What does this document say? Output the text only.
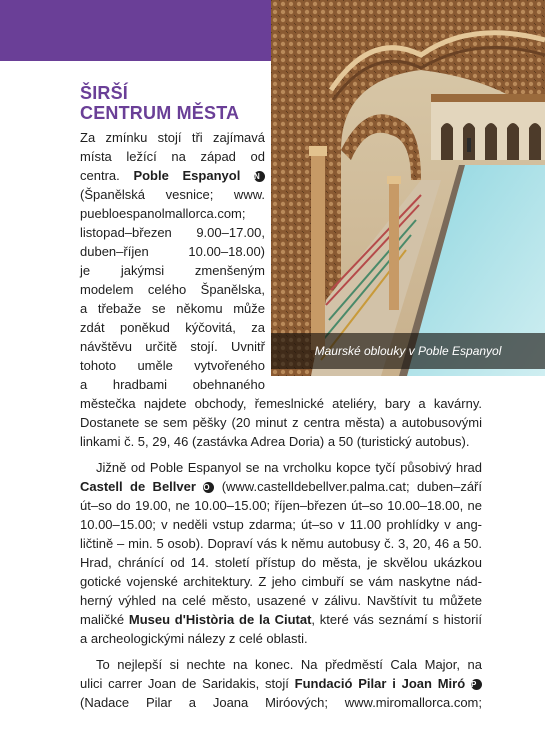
Maurské oblouky v Poble Espanyol
ŠIRŠÍ
CENTRUM MĚSTA
Za zmínku stojí tři zajímavá
místa ležící na západ od
centra. Poble Espanyol N
(Španělská vesnice; www.
puebloespanolmallorca.com;
listopad–březen 9.00–17.00,
duben–říjen 10.00–18.00)
je jakýmsi zmenšeným
modelem celého Španělska,
a třebaže se někomu může
zdát poněkud kýčovitá, za
návštěvu určitě stojí. Uvnitř
tohoto uměle vytvořeného
a hradbami obehnaného
městečka najdete obchody, řemeslnické ateliéry, bary a kavárny.
Dostanete se sem pěšky (20 minut z centra města) a autobusovými
linkami č. 5, 29, 46 (zastávka Adrea Doria) a 50 (turistický autobus).
Jižně od Poble Espanyol se na vrcholku kopce tyčí působivý hrad
Castell de Bellver O (www.castelldebellver.palma.cat; duben–září
út–so do 19.00, ne 10.00–15.00; říjen–březen út–so 10.00–18.00, ne
10.00–15.00; v neděli vstup zdarma; út–so v 11.00 prohlídky v ang-
ličtině – min. 5 osob). Dopraví vás k němu autobusy č. 3, 20, 46 a 50.
Hrad, chránící od 14. století přístup do města, je skvělou ukázkou
gotické vojenské architektury. Z jeho cimbuří se vám naskytne nád-
herný výhled na celé město, usazené v zálivu. Navštívit tu můžete
maličké Museu d'Història de la Ciutat, které vás seznámí s historií
a archeologickými nálezy z celé oblasti.
To nejlepší si nechte na konec. Na předměstí Cala Major, na
ulici carrer Joan de Saridakis, stojí Fundació Pilar i Joan Miró P
(Nadace Pilar a Joana Miróových; www.miromallorca.com;
